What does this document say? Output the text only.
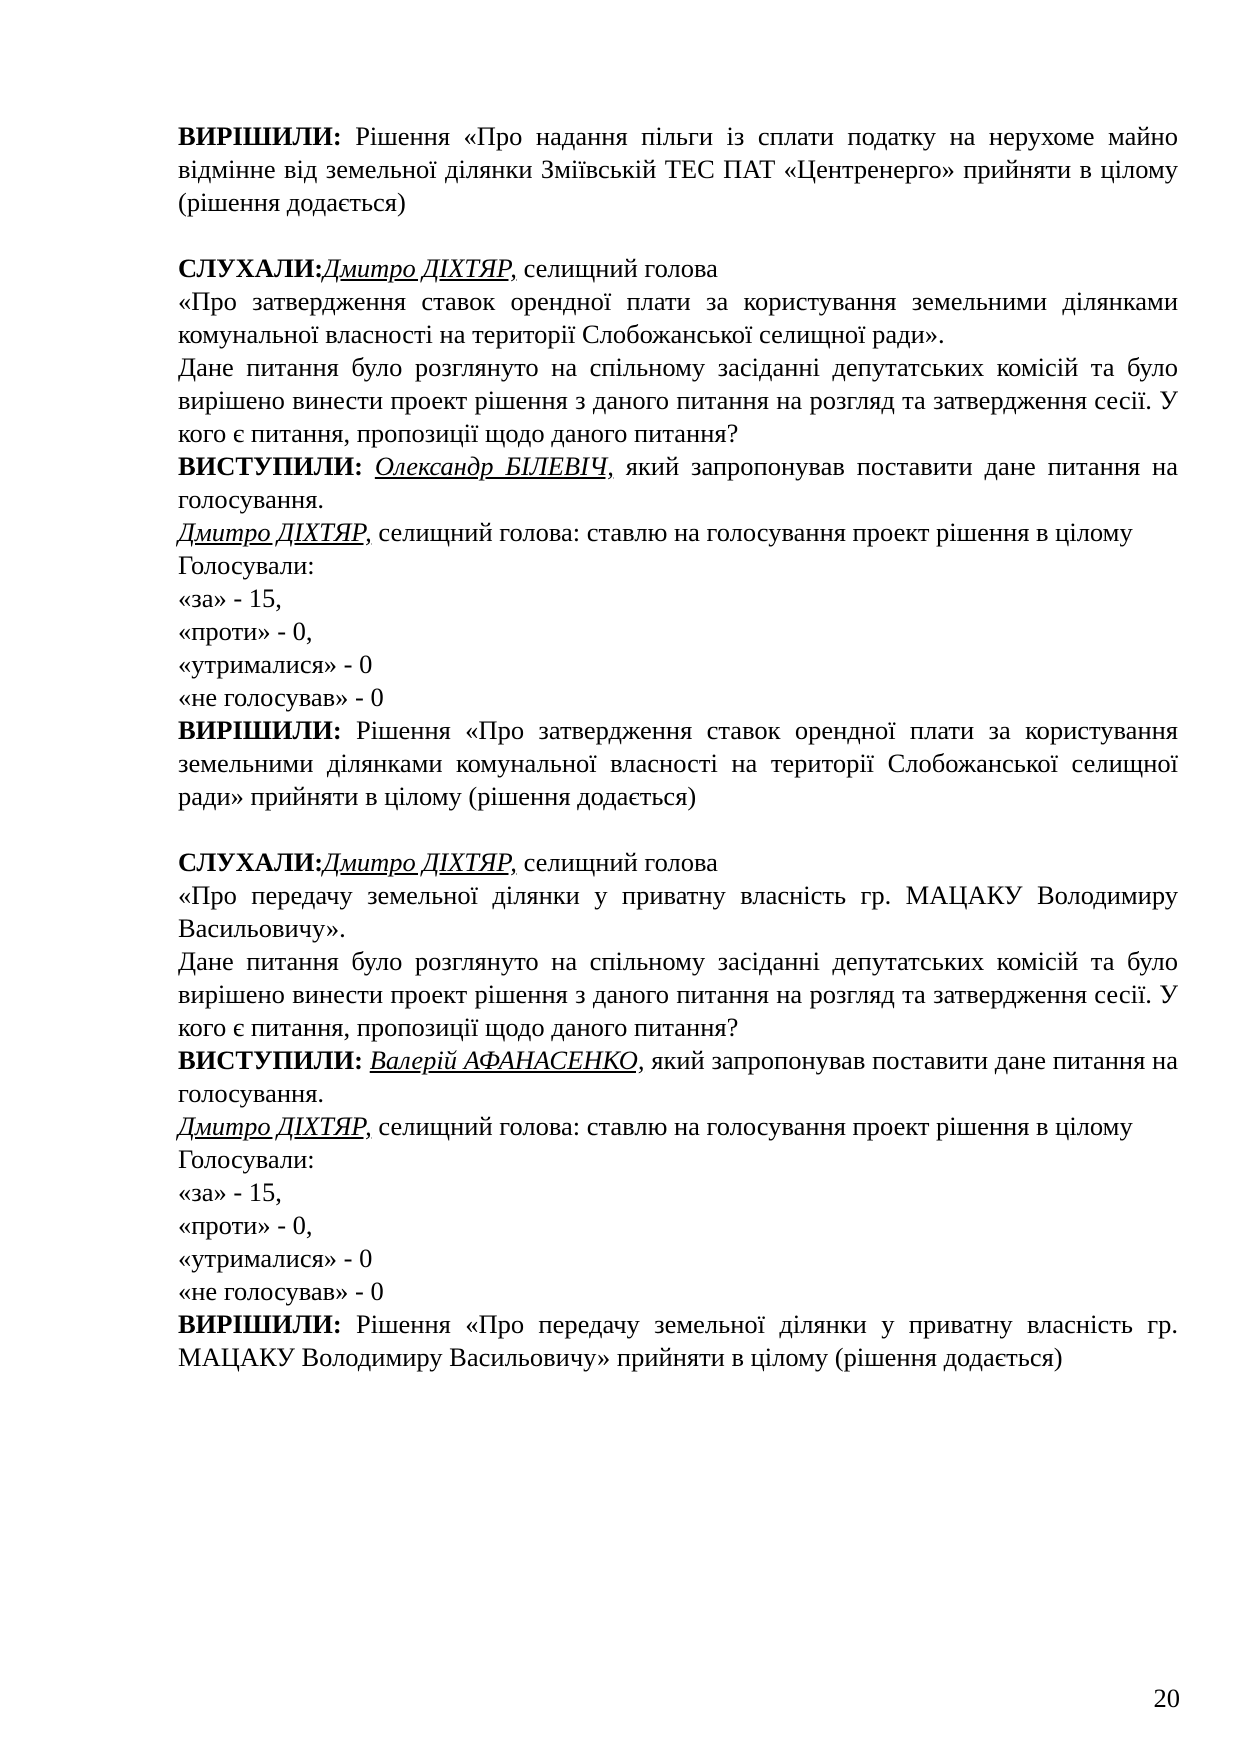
ВИРІШИЛИ: Рішення «Про надання пільги із сплати податку на нерухоме майно відмінне від земельної ділянки Зміївській ТЕС ПАТ «Центренерго» прийняти в цілому (рішення додається)

СЛУХАЛИ:Дмитро ДІХТЯР, селищний голова

«Про затвердження ставок орендної плати за користування земельними ділянками комунальної власності на території Слобожанської селищної ради».

Дане питання було розглянуто на спільному засіданні депутатських комісій та було вирішено винести проект рішення з даного питання на розгляд та затвердження сесії. У кого є питання, пропозиції щодо даного питання?

ВИСТУПИЛИ: Олександр БІЛЕВІЧ, який запропонував поставити дане питання на голосування.

Дмитро ДІХТЯР, селищний голова: ставлю на голосування проект рішення в цілому

Голосували:

«за» - 15,

«проти» - 0,

«утрималися» - 0

«не голосував» - 0

ВИРІШИЛИ: Рішення «Про затвердження ставок орендної плати за користування земельними ділянками комунальної власності на території Слобожанської селищної ради» прийняти в цілому (рішення додається)

СЛУХАЛИ:Дмитро ДІХТЯР, селищний голова

«Про передачу земельної ділянки у приватну власність гр. МАЦАКУ Володимиру Васильовичу».

Дане питання було розглянуто на спільному засіданні депутатських комісій та було вирішено винести проект рішення з даного питання на розгляд та затвердження сесії. У кого є питання, пропозиції щодо даного питання?

ВИСТУПИЛИ: Валерій АФАНАСЕНКО, який запропонував поставити дане питання на голосування.

Дмитро ДІХТЯР, селищний голова: ставлю на голосування проект рішення в цілому

Голосували:

«за» - 15,

«проти» - 0,

«утрималися» - 0

«не голосував» - 0

ВИРІШИЛИ: Рішення «Про передачу земельної ділянки у приватну власність гр. МАЦАКУ Володимиру Васильовичу» прийняти в цілому (рішення додається)

20
